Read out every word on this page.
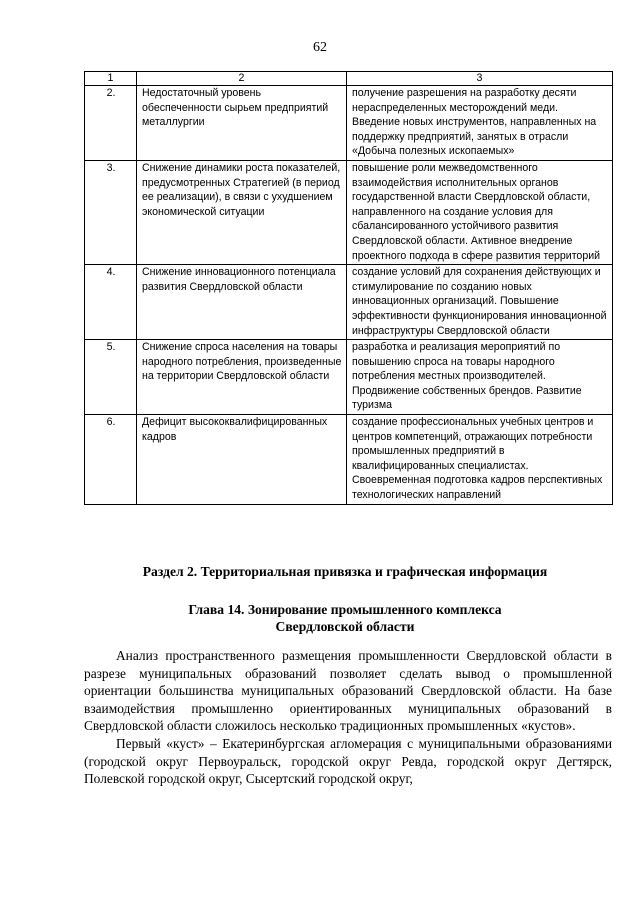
62
1	2	3
2.	Недостаточный уровень обеспеченности сырьем предприятий металлургии	получение разрешения на разработку десяти нераспределенных месторождений меди. Введение новых инструментов, направленных на поддержку предприятий, занятых в отрасли «Добыча полезных ископаемых»
3.	Снижение динамики роста показателей, предусмотренных Стратегией (в период ее реализации), в связи с ухудшением экономической ситуации	повышение роли межведомственного взаимодействия исполнительных органов государственной власти Свердловской области, направленного на создание условия для сбалансированного устойчивого развития Свердловской области. Активное внедрение проектного подхода в сфере развития территорий
4.	Снижение инновационного потенциала развития Свердловской области	создание условий для сохранения действующих и стимулирование по созданию новых инновационных организаций. Повышение эффективности функционирования инновационной инфраструктуры Свердловской области
5.	Снижение спроса населения на товары народного потребления, произведенные на территории Свердловской области	разработка и реализация мероприятий по повышению спроса на товары народного потребления местных производителей. Продвижение собственных брендов. Развитие туризма
6.	Дефицит высококвалифицированных кадров	создание профессиональных учебных центров и центров компетенций, отражающих потребности промышленных предприятий в квалифицированных специалистах. Своевременная подготовка кадров перспективных технологических направлений
Раздел 2. Территориальная привязка и графическая информация
Глава 14. Зонирование промышленного комплекса
Свердловской области

Анализ пространственного размещения промышленности Свердловской области в разрезе муниципальных образований позволяет сделать вывод о промышленной ориентации большинства муниципальных образований Свердловской области. На базе взаимодействия промышленно ориентированных муниципальных образований в Свердловской области сложилось несколько традиционных промышленных «кустов».

Первый «куст» – Екатеринбургская агломерация с муниципальными образованиями (городской округ Первоуральск, городской округ Ревда, городской округ Дегтярск, Полевской городской округ, Сысертский городской округ,
